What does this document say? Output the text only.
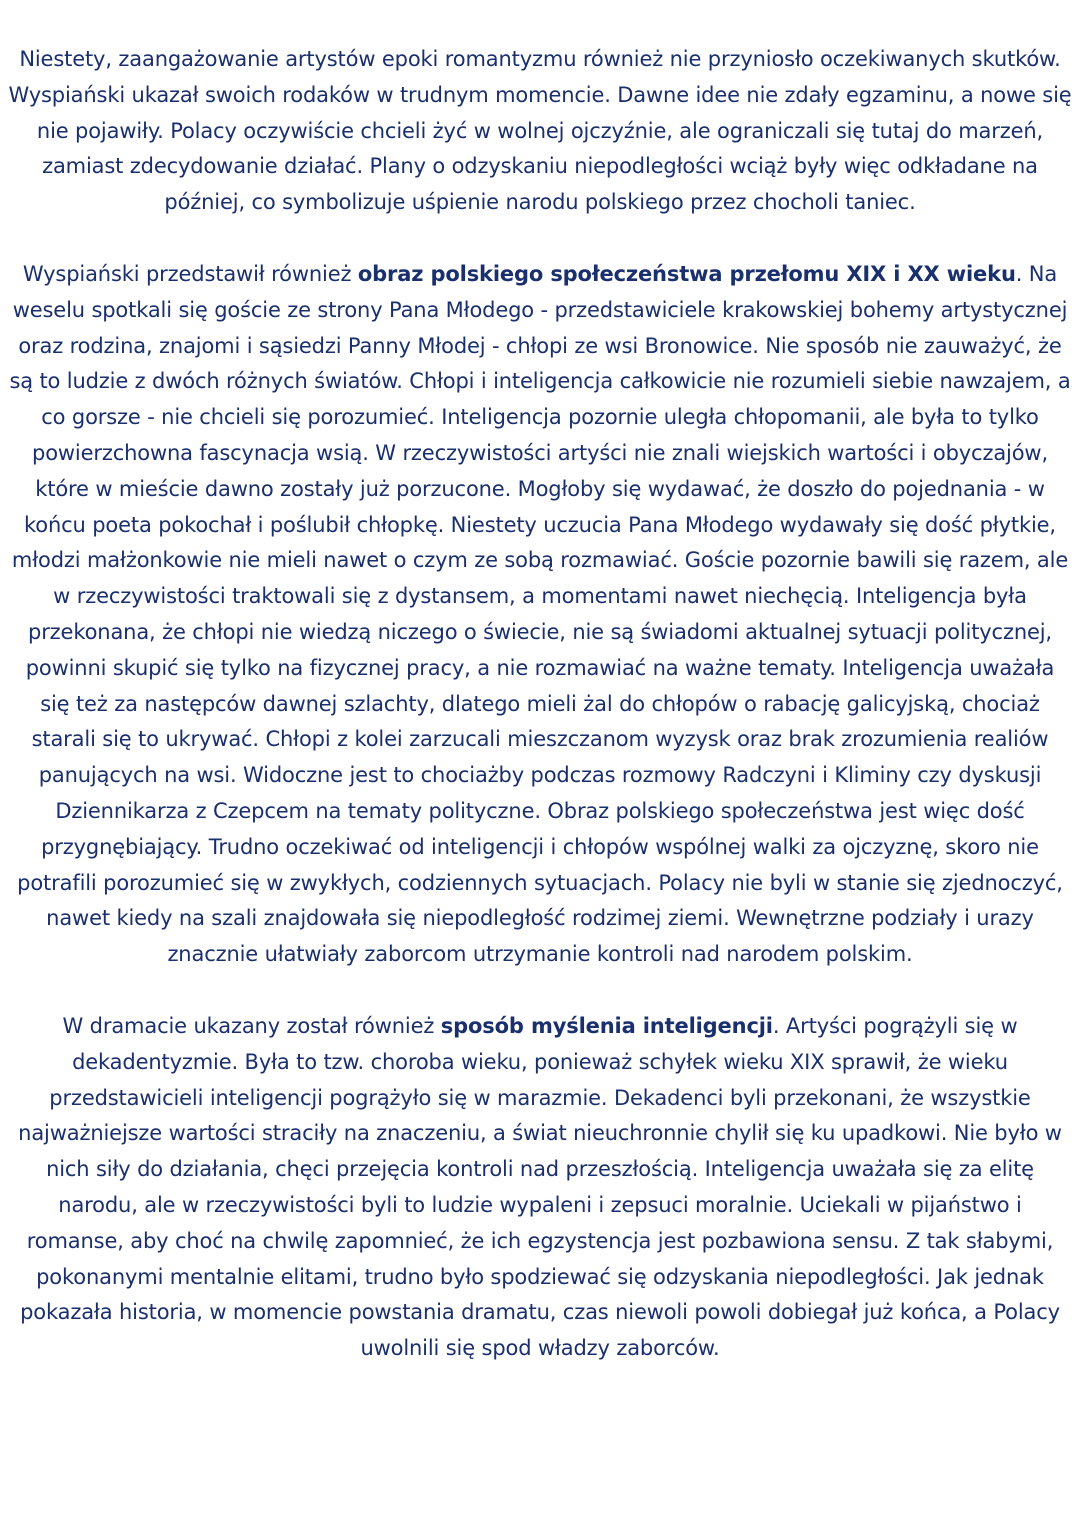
Niestety, zaangażowanie artystów epoki romantyzmu również nie przyniosło oczekiwanych skutków. Wyspiański ukazał swoich rodaków w trudnym momencie. Dawne idee nie zdały egzaminu, a nowe się nie pojawiły. Polacy oczywiście chcieli żyć w wolnej ojczyźnie, ale ograniczali się tutaj do marzeń, zamiast zdecydowanie działać. Plany o odzyskaniu niepodległości wciąż były więc odkładane na później, co symbolizuje uśpienie narodu polskiego przez chocholi taniec.

Wyspiański przedstawił również obraz polskiego społeczeństwa przełomu XIX i XX wieku. Na weselu spotkali się goście ze strony Pana Młodego - przedstawiciele krakowskiej bohemy artystycznej oraz rodzina, znajomi i sąsiedzi Panny Młodej - chłopi ze wsi Bronowice. Nie sposób nie zauważyć, że są to ludzie z dwóch różnych światów. Chłopi i inteligencja całkowicie nie rozumieli siebie nawzajem, a co gorsze - nie chcieli się porozumieć. Inteligencja pozornie uległa chłopomanii, ale była to tylko powierzchowna fascynacja wsią. W rzeczywistości artyści nie znali wiejskich wartości i obyczajów, które w mieście dawno zostały już porzucone. Mogłoby się wydawać, że doszło do pojednania - w końcu poeta pokochał i poślubił chłopkę. Niestety uczucia Pana Młodego wydawały się dość płytkie, młodzi małżonkowie nie mieli nawet o czym ze sobą rozmawiać. Goście pozornie bawili się razem, ale w rzeczywistości traktowali się z dystansem, a momentami nawet niechęcią. Inteligencja była przekonana, że chłopi nie wiedzą niczego o świecie, nie są świadomi aktualnej sytuacji politycznej, powinni skupić się tylko na fizycznej pracy, a nie rozmawiać na ważne tematy. Inteligencja uważała się też za następców dawnej szlachty, dlatego mieli żal do chłopów o rabację galicyjską, chociaż starali się to ukrywać. Chłopi z kolei zarzucali mieszczanom wyzysk oraz brak zrozumienia realiów panujących na wsi. Widoczne jest to chociażby podczas rozmowy Radczyni i Kliminy czy dyskusji Dziennikarza z Czepcem na tematy polityczne. Obraz polskiego społeczeństwa jest więc dość przygnębiający. Trudno oczekiwać od inteligencji i chłopów wspólnej walki za ojczyznę, skoro nie potrafili porozumieć się w zwykłych, codziennych sytuacjach. Polacy nie byli w stanie się zjednoczyć, nawet kiedy na szali znajdowała się niepodległość rodzimej ziemi. Wewnętrzne podziały i urazy znacznie ułatwiały zaborcom utrzymanie kontroli nad narodem polskim.

W dramacie ukazany został również sposób myślenia inteligencji. Artyści pogrążyli się w dekadentyzmie. Była to tzw. choroba wieku, ponieważ schyłek wieku XIX sprawił, że wieku przedstawicieli inteligencji pogrążyło się w marazmie. Dekadenci byli przekonani, że wszystkie najważniejsze wartości straciły na znaczeniu, a świat nieuchronnie chylił się ku upadkowi. Nie było w nich siły do działania, chęci przejęcia kontroli nad przeszłością. Inteligencja uważała się za elitę narodu, ale w rzeczywistości byli to ludzie wypaleni i zepsuci moralnie. Uciekali w pijaństwo i romanse, aby choć na chwilę zapomnieć, że ich egzystencja jest pozbawiona sensu. Z tak słabymi, pokonanymi mentalnie elitami, trudno było spodziewać się odzyskania niepodległości. Jak jednak pokazała historia, w momencie powstania dramatu, czas niewoli powoli dobiegał już końca, a Polacy uwolnili się spod władzy zaborców.
